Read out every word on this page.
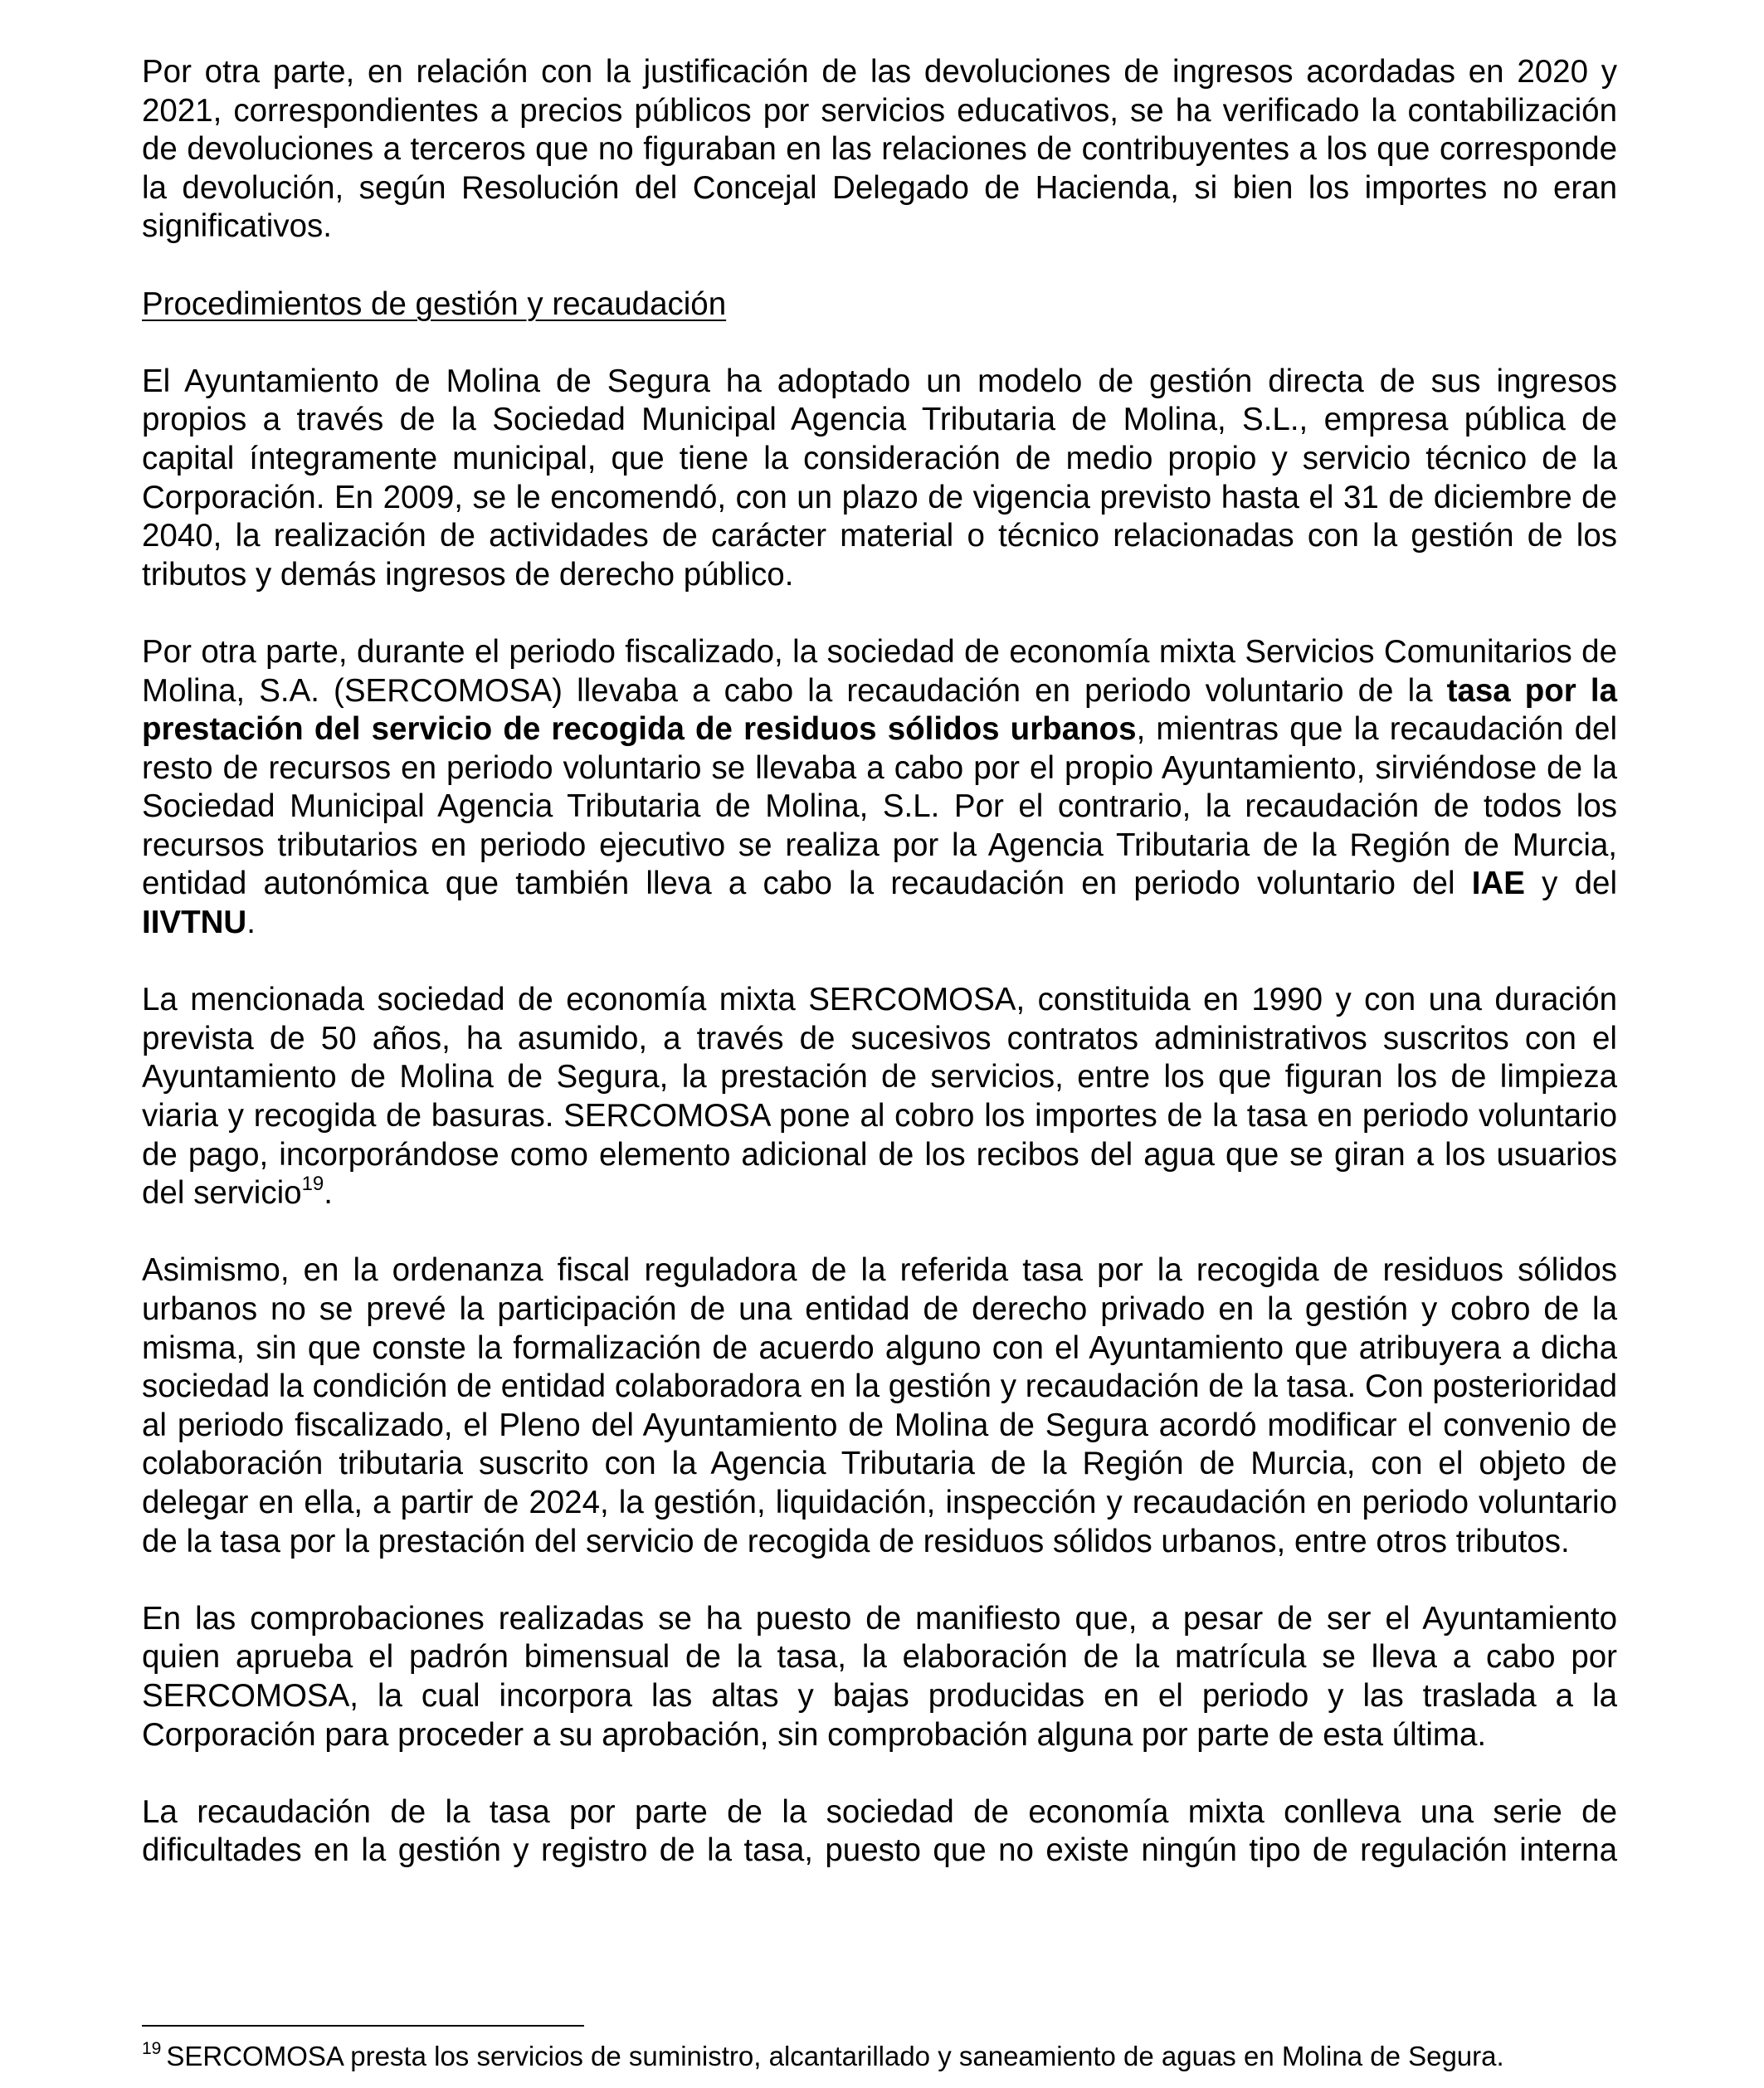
Por otra parte, en relación con la justificación de las devoluciones de ingresos acordadas en 2020 y 2021, correspondientes a precios públicos por servicios educativos, se ha verificado la contabilización de devoluciones a terceros que no figuraban en las relaciones de contribuyentes a los que corresponde la devolución, según Resolución del Concejal Delegado de Hacienda, si bien los importes no eran significativos.

Procedimientos de gestión y recaudación

El Ayuntamiento de Molina de Segura ha adoptado un modelo de gestión directa de sus ingresos propios a través de la Sociedad Municipal Agencia Tributaria de Molina, S.L., empresa pública de capital íntegramente municipal, que tiene la consideración de medio propio y servicio técnico de la Corporación. En 2009, se le encomendó, con un plazo de vigencia previsto hasta el 31 de diciembre de 2040, la realización de actividades de carácter material o técnico relacionadas con la gestión de los tributos y demás ingresos de derecho público.

Por otra parte, durante el periodo fiscalizado, la sociedad de economía mixta Servicios Comunitarios de Molina, S.A. (SERCOMOSA) llevaba a cabo la recaudación en periodo voluntario de la tasa por la prestación del servicio de recogida de residuos sólidos urbanos, mientras que la recaudación del resto de recursos en periodo voluntario se llevaba a cabo por el propio Ayuntamiento, sirviéndose de la Sociedad Municipal Agencia Tributaria de Molina, S.L. Por el contrario, la recaudación de todos los recursos tributarios en periodo ejecutivo se realiza por la Agencia Tributaria de la Región de Murcia, entidad autonómica que también lleva a cabo la recaudación en periodo voluntario del IAE y del IIVTNU.

La mencionada sociedad de economía mixta SERCOMOSA, constituida en 1990 y con una duración prevista de 50 años, ha asumido, a través de sucesivos contratos administrativos suscritos con el Ayuntamiento de Molina de Segura, la prestación de servicios, entre los que figuran los de limpieza viaria y recogida de basuras. SERCOMOSA pone al cobro los importes de la tasa en periodo voluntario de pago, incorporándose como elemento adicional de los recibos del agua que se giran a los usuarios del servicio$^{19}$.

Asimismo, en la ordenanza fiscal reguladora de la referida tasa por la recogida de residuos sólidos urbanos no se prevé la participación de una entidad de derecho privado en la gestión y cobro de la misma, sin que conste la formalización de acuerdo alguno con el Ayuntamiento que atribuyera a dicha sociedad la condición de entidad colaboradora en la gestión y recaudación de la tasa. Con posterioridad al periodo fiscalizado, el Pleno del Ayuntamiento de Molina de Segura acordó modificar el convenio de colaboración tributaria suscrito con la Agencia Tributaria de la Región de Murcia, con el objeto de delegar en ella, a partir de 2024, la gestión, liquidación, inspección y recaudación en periodo voluntario de la tasa por la prestación del servicio de recogida de residuos sólidos urbanos, entre otros tributos.

En las comprobaciones realizadas se ha puesto de manifiesto que, a pesar de ser el Ayuntamiento quien aprueba el padrón bimensual de la tasa, la elaboración de la matrícula se lleva a cabo por SERCOMOSA, la cual incorpora las altas y bajas producidas en el periodo y las traslada a la Corporación para proceder a su aprobación, sin comprobación alguna por parte de esta última.

La recaudación de la tasa por parte de la sociedad de economía mixta conlleva una serie de dificultades en la gestión y registro de la tasa, puesto que no existe ningún tipo de regulación interna

$^{19}$ SERCOMOSA presta los servicios de suministro, alcantarillado y saneamiento de aguas en Molina de Segura.
